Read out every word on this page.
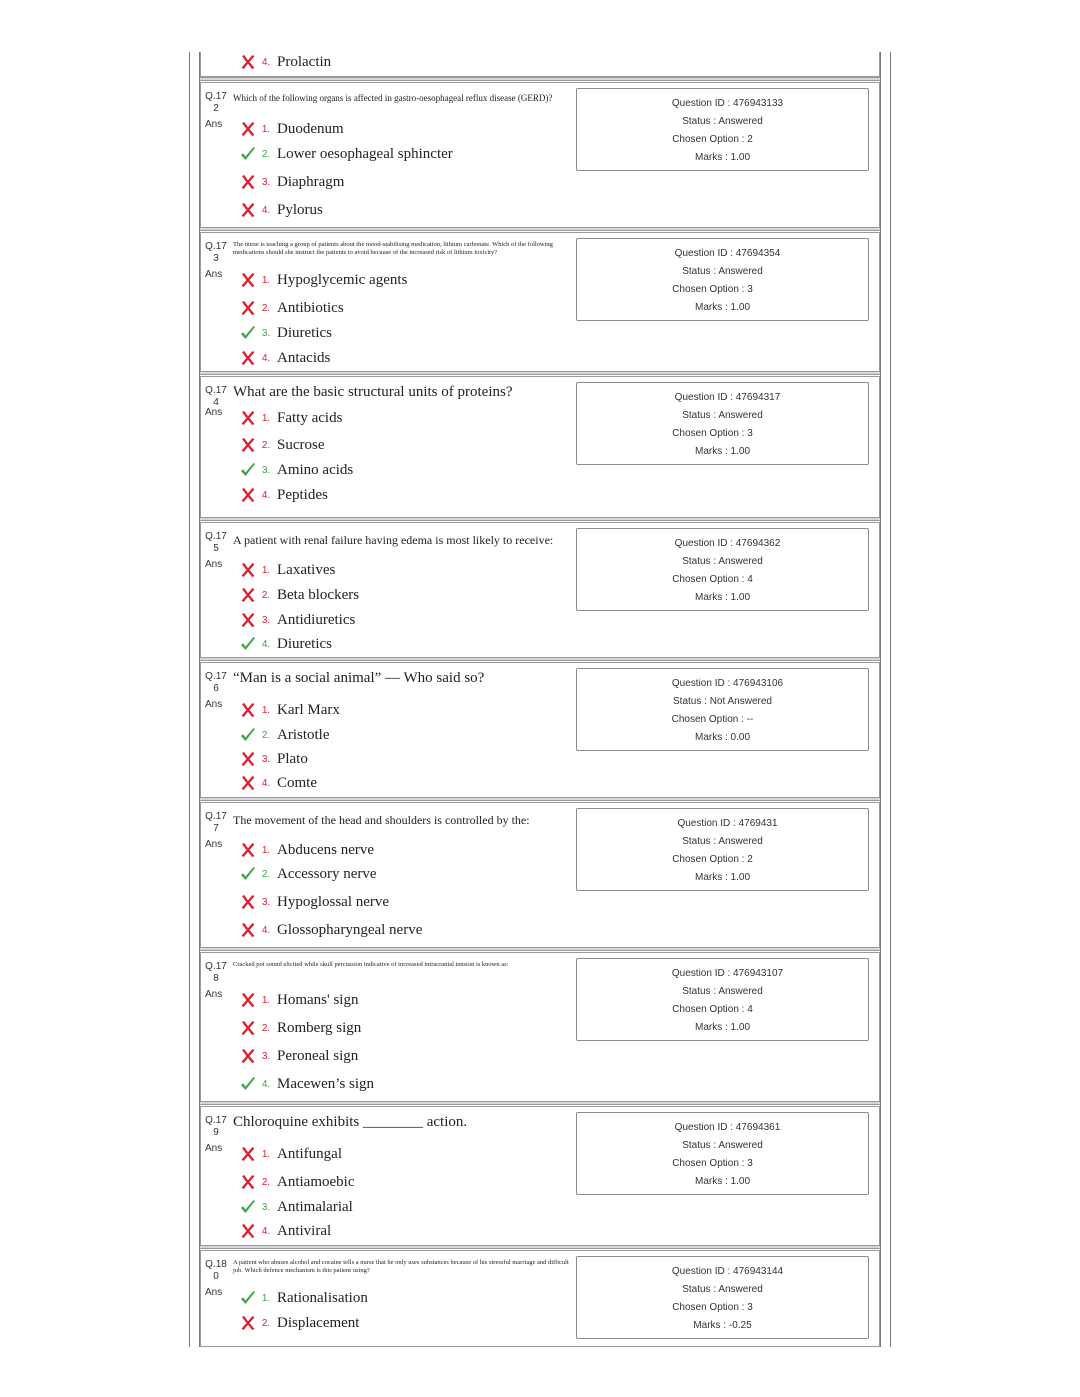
4. Prolactin
Q.17
2
Which of the following organs is affected in gastro-oesophageal reflux disease (GERD)?
Ans	1. Duodenum
2. Lower oesophageal sphincter
3. Diaphragm
4. Pylorus
Question ID : 476943133
Status : Answered
Chosen Option : 2
Marks : 1.00
Q.17
3
The nurse is teaching a group of patients about the mood-stabilising medication, lithium carbonate. Which of the following medications should she instruct the patients to avoid because of the increased risk of lithium toxicity?
Ans	1. Hypoglycemic agents
2. Antibiotics
3. Diuretics
4. Antacids
Question ID : 47694354
Status : Answered
Chosen Option : 3
Marks : 1.00
Q.17
4
What are the basic structural units of proteins?
Ans	1. Fatty acids
2. Sucrose
3. Amino acids
4. Peptides
Question ID : 47694317
Status : Answered
Chosen Option : 3
Marks : 1.00
Q.17
5
A patient with renal failure having edema is most likely to receive:
Ans	1. Laxatives
2. Beta blockers
3. Antidiuretics
4. Diuretics
Question ID : 47694362
Status : Answered
Chosen Option : 4
Marks : 1.00
Q.17
6
“Man is a social animal” — Who said so?
Ans	1. Karl Marx
2. Aristotle
3. Plato
4. Comte
Question ID : 476943106
Status : Not Answered
Chosen Option : --
Marks : 0.00
Q.17
7
The movement of the head and shoulders is controlled by the:
Ans	1. Abducens nerve
2. Accessory nerve
3. Hypoglossal nerve
4. Glossopharyngeal nerve
Question ID : 4769431
Status : Answered
Chosen Option : 2
Marks : 1.00
Q.17
8
Cracked pot sound elicited while skull percussion indicative of increased intracranial tension is known as:
Ans	1. Homans' sign
2. Romberg sign
3. Peroneal sign
4. Macewen’s sign
Question ID : 476943107
Status : Answered
Chosen Option : 4
Marks : 1.00
Q.17
9
Chloroquine exhibits ________ action.
Ans	1. Antifungal
2. Antiamoebic
3. Antimalarial
4. Antiviral
Question ID : 47694361
Status : Answered
Chosen Option : 3
Marks : 1.00
Q.18
0
A patient who abuses alcohol and cocaine tells a nurse that he only uses substances because of his stressful marriage and difficult job. Which defence mechanism is this patient using?
Ans	1. Rationalisation
2. Displacement
Question ID : 476943144
Status : Answered
Chosen Option : 3
Marks : -0.25
